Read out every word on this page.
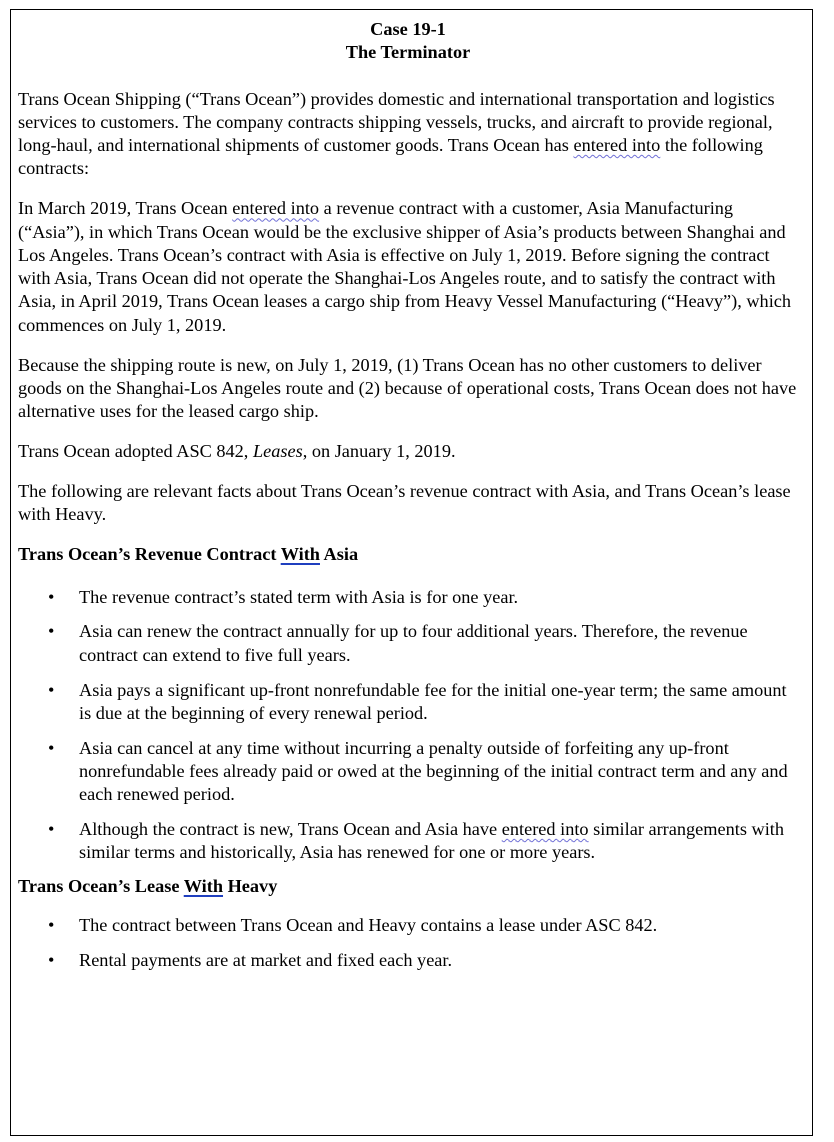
Case 19-1
The Terminator

Trans Ocean Shipping (“Trans Ocean”) provides domestic and international transportation and logistics services to customers. The company contracts shipping vessels, trucks, and aircraft to provide regional, long-haul, and international shipments of customer goods. Trans Ocean has entered into the following contracts:

In March 2019, Trans Ocean entered into a revenue contract with a customer, Asia Manufacturing (“Asia”), in which Trans Ocean would be the exclusive shipper of Asia’s products between Shanghai and Los Angeles. Trans Ocean’s contract with Asia is effective on July 1, 2019. Before signing the contract with Asia, Trans Ocean did not operate the Shanghai-Los Angeles route, and to satisfy the contract with Asia, in April 2019, Trans Ocean leases a cargo ship from Heavy Vessel Manufacturing (“Heavy”), which commences on July 1, 2019.

Because the shipping route is new, on July 1, 2019, (1) Trans Ocean has no other customers to deliver goods on the Shanghai-Los Angeles route and (2) because of operational costs, Trans Ocean does not have alternative uses for the leased cargo ship.

Trans Ocean adopted ASC 842, Leases, on January 1, 2019.

The following are relevant facts about Trans Ocean’s revenue contract with Asia, and Trans Ocean’s lease with Heavy.

Trans Ocean’s Revenue Contract With Asia
• The revenue contract’s stated term with Asia is for one year.
• Asia can renew the contract annually for up to four additional years. Therefore, the revenue contract can extend to five full years.
• Asia pays a significant up-front nonrefundable fee for the initial one-year term; the same amount is due at the beginning of every renewal period.
• Asia can cancel at any time without incurring a penalty outside of forfeiting any up-front nonrefundable fees already paid or owed at the beginning of the initial contract term and any and each renewed period.
• Although the contract is new, Trans Ocean and Asia have entered into similar arrangements with similar terms and historically, Asia has renewed for one or more years.
Trans Ocean’s Lease With Heavy
• The contract between Trans Ocean and Heavy contains a lease under ASC 842.
• Rental payments are at market and fixed each year.
